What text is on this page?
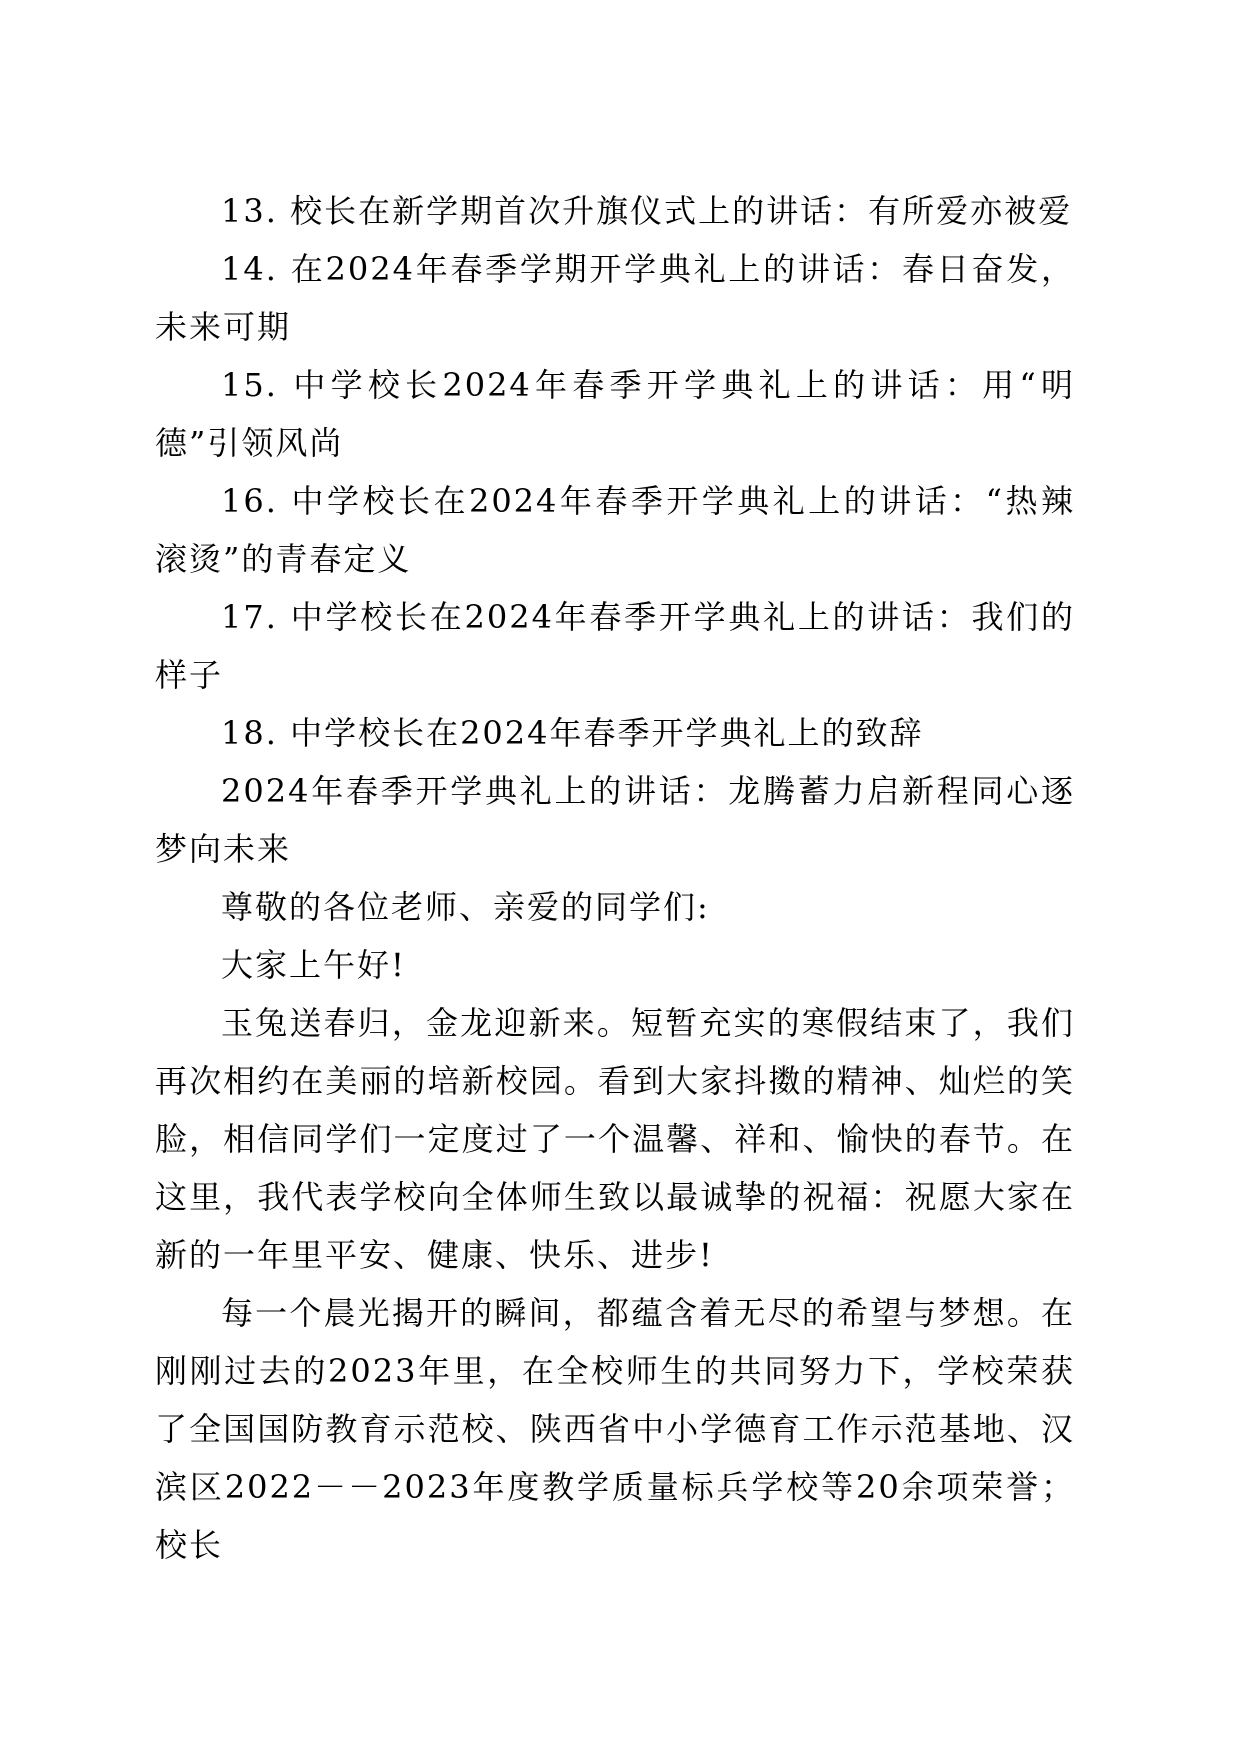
13. 校长在新学期首次升旗仪式上的讲话：有所爱亦被爱

14. 在2024年春季学期开学典礼上的讲话：春日奋发，未来可期

15. 中学校长2024年春季开学典礼上的讲话：用“明德”引领风尚

16. 中学校长在2024年春季开学典礼上的讲话：“热辣滚烫”的青春定义

17. 中学校长在2024年春季开学典礼上的讲话：我们的样子

18. 中学校长在2024年春季开学典礼上的致辞

2024年春季开学典礼上的讲话：龙腾蓄力启新程同心逐梦向未来

尊敬的各位老师、亲爱的同学们:

大家上午好!

玉兔送春归，金龙迎新来。短暂充实的寒假结束了，我们再次相约在美丽的培新校园。看到大家抖擞的精神、灿烂的笑脸，相信同学们一定度过了一个温馨、祥和、愉快的春节。在这里，我代表学校向全体师生致以最诚挚的祝福：祝愿大家在新的一年里平安、健康、快乐、进步!

每一个晨光揭开的瞬间，都蕴含着无尽的希望与梦想。在刚刚过去的2023年里，在全校师生的共同努力下，学校荣获了全国国防教育示范校、陕西省中小学德育工作示范基地、汉滨区2022－－2023年度教学质量标兵学校等20余项荣誉；校长
